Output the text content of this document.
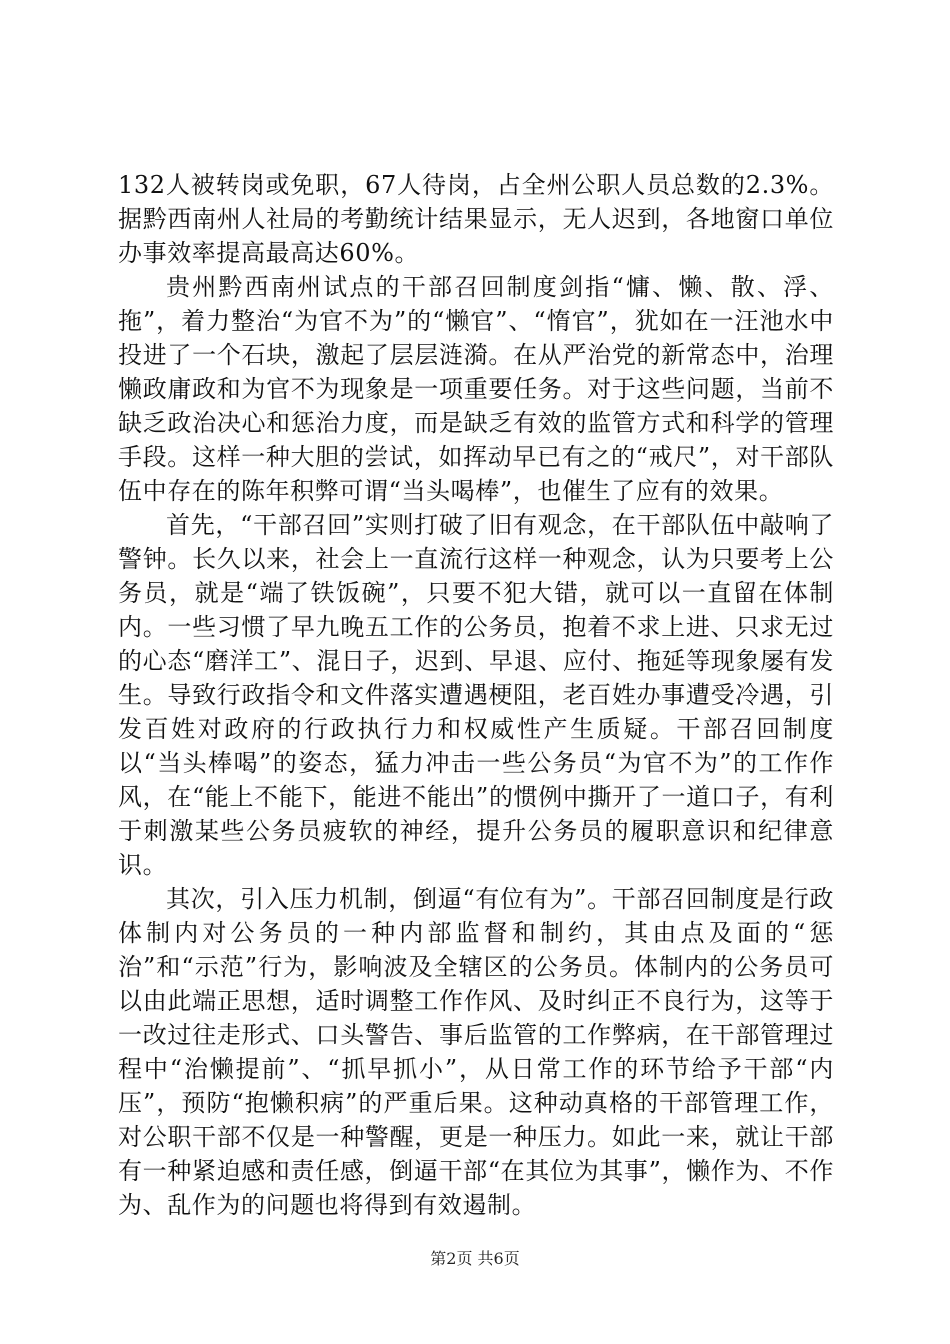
132人被转岗或免职，67人待岗，占全州公职人员总数的2.3%。据黔西南州人社局的考勤统计结果显示，无人迟到，各地窗口单位办事效率提高最高达60%。

贵州黔西南州试点的干部召回制度剑指“慵、懒、散、浮、拖”，着力整治“为官不为”的“懒官”、“惰官”，犹如在一汪池水中投进了一个石块，激起了层层涟漪。在从严治党的新常态中，治理懒政庸政和为官不为现象是一项重要任务。对于这些问题，当前不缺乏政治决心和惩治力度，而是缺乏有效的监管方式和科学的管理手段。这样一种大胆的尝试，如挥动早已有之的“戒尺”，对干部队伍中存在的陈年积弊可谓“当头喝棒”，也催生了应有的效果。

首先，“干部召回”实则打破了旧有观念，在干部队伍中敲响了警钟。长久以来，社会上一直流行这样一种观念，认为只要考上公务员，就是“端了铁饭碗”，只要不犯大错，就可以一直留在体制内。一些习惯了早九晚五工作的公务员，抱着不求上进、只求无过的心态“磨洋工”、混日子，迟到、早退、应付、拖延等现象屡有发生。导致行政指令和文件落实遭遇梗阻，老百姓办事遭受冷遇，引发百姓对政府的行政执行力和权威性产生质疑。干部召回制度以“当头棒喝”的姿态，猛力冲击一些公务员“为官不为”的工作作风，在“能上不能下，能进不能出”的惯例中撕开了一道口子，有利于刺激某些公务员疲软的神经，提升公务员的履职意识和纪律意识。

其次，引入压力机制，倒逼“有位有为”。干部召回制度是行政体制内对公务员的一种内部监督和制约，其由点及面的“惩治”和“示范”行为，影响波及全辖区的公务员。体制内的公务员可以由此端正思想，适时调整工作作风、及时纠正不良行为，这等于一改过往走形式、口头警告、事后监管的工作弊病，在干部管理过程中“治懒提前”、“抓早抓小”，从日常工作的环节给予干部“内压”，预防“抱懒积病”的严重后果。这种动真格的干部管理工作，对公职干部不仅是一种警醒，更是一种压力。如此一来，就让干部有一种紧迫感和责任感，倒逼干部“在其位为其事”，懒作为、不作为、乱作为的问题也将得到有效遏制。

第2页 共6页
